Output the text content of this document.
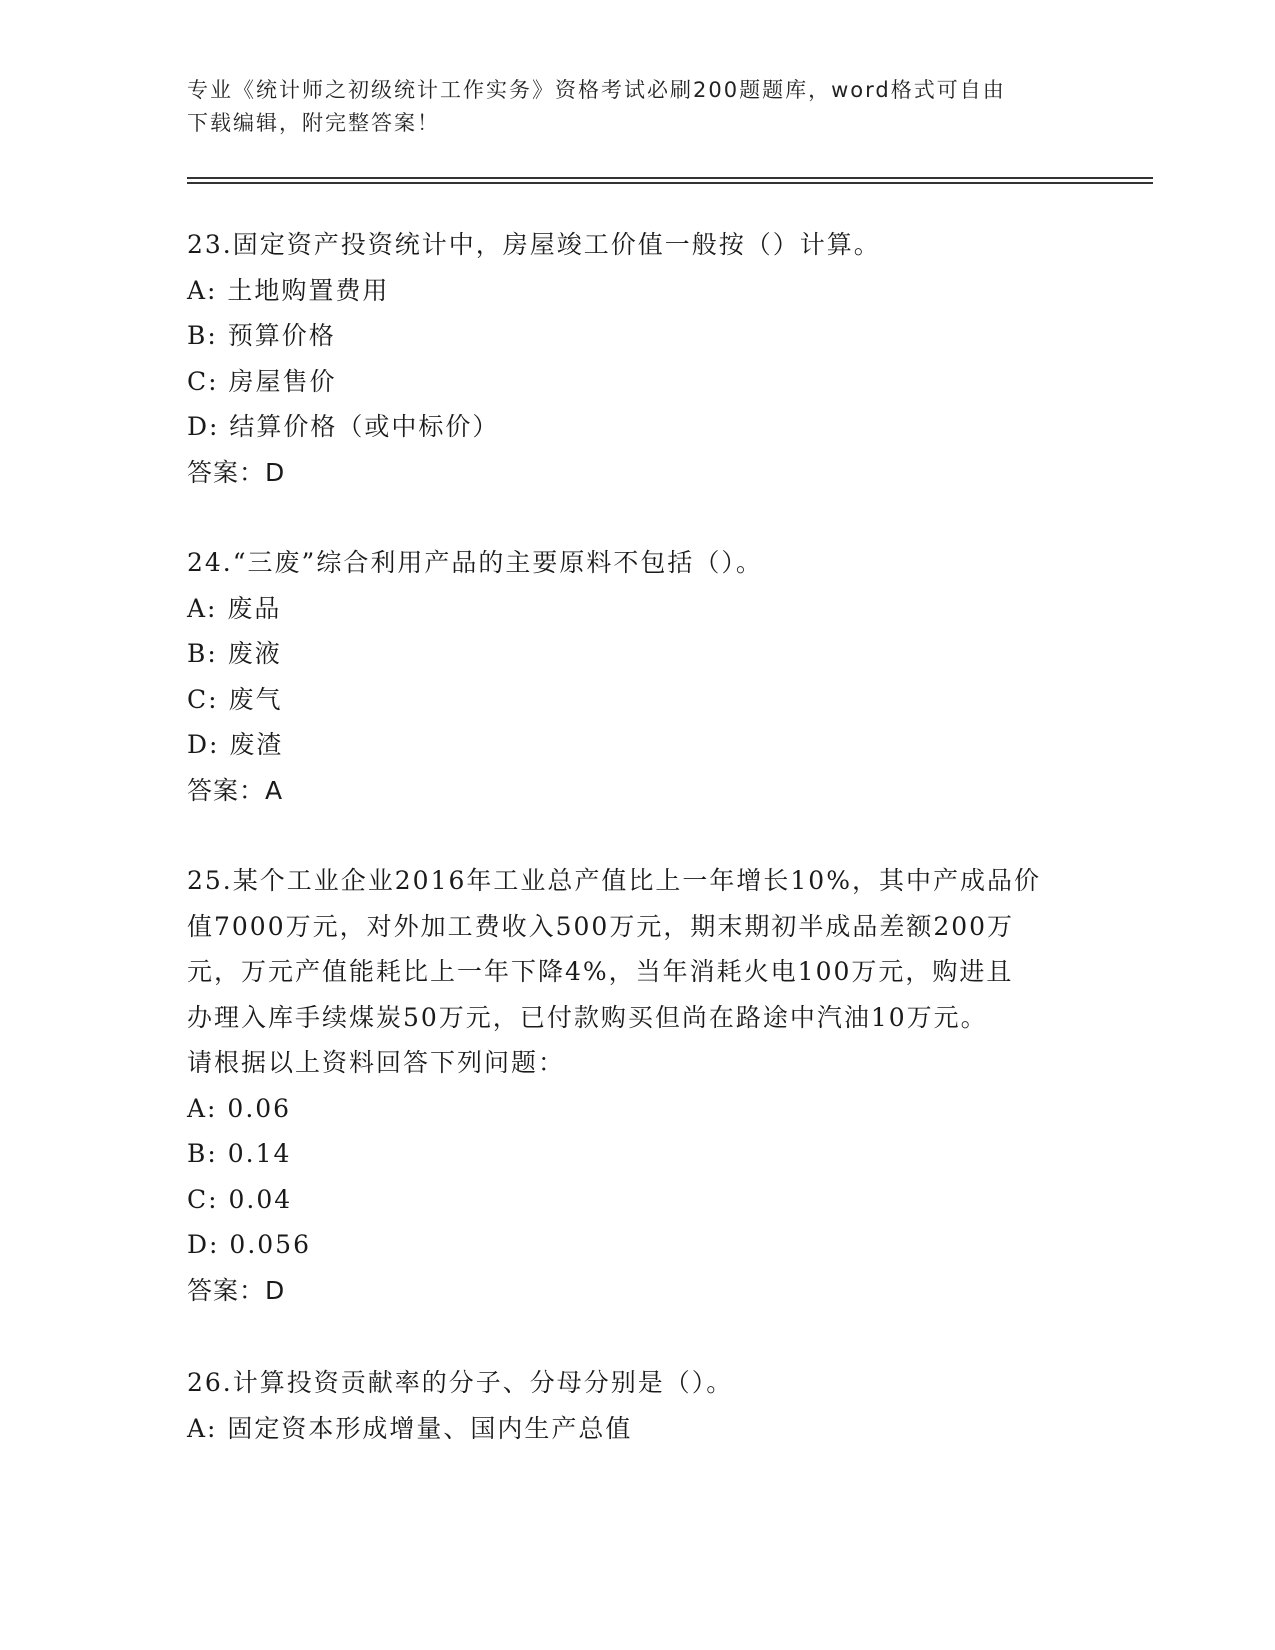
专业《统计师之初级统计工作实务》资格考试必刷200题题库，word格式可自由
下载编辑，附完整答案！
23.固定资产投资统计中，房屋竣工价值一般按（）计算。
A: 土地购置费用
B: 预算价格
C: 房屋售价
D: 结算价格（或中标价）
答案：D
24.“三废”综合利用产品的主要原料不包括（）。
A: 废品
B: 废液
C: 废气
D: 废渣
答案：A
25.某个工业企业2016年工业总产值比上一年增长10%，其中产成品价
值7000万元，对外加工费收入500万元，期末期初半成品差额200万
元，万元产值能耗比上一年下降4%，当年消耗火电100万元，购进且
办理入库手续煤炭50万元，已付款购买但尚在路途中汽油10万元。
请根据以上资料回答下列问题：
A: 0.06
B: 0.14
C: 0.04
D: 0.056
答案：D
26.计算投资贡献率的分子、分母分别是（）。
A: 固定资本形成增量、国内生产总值
